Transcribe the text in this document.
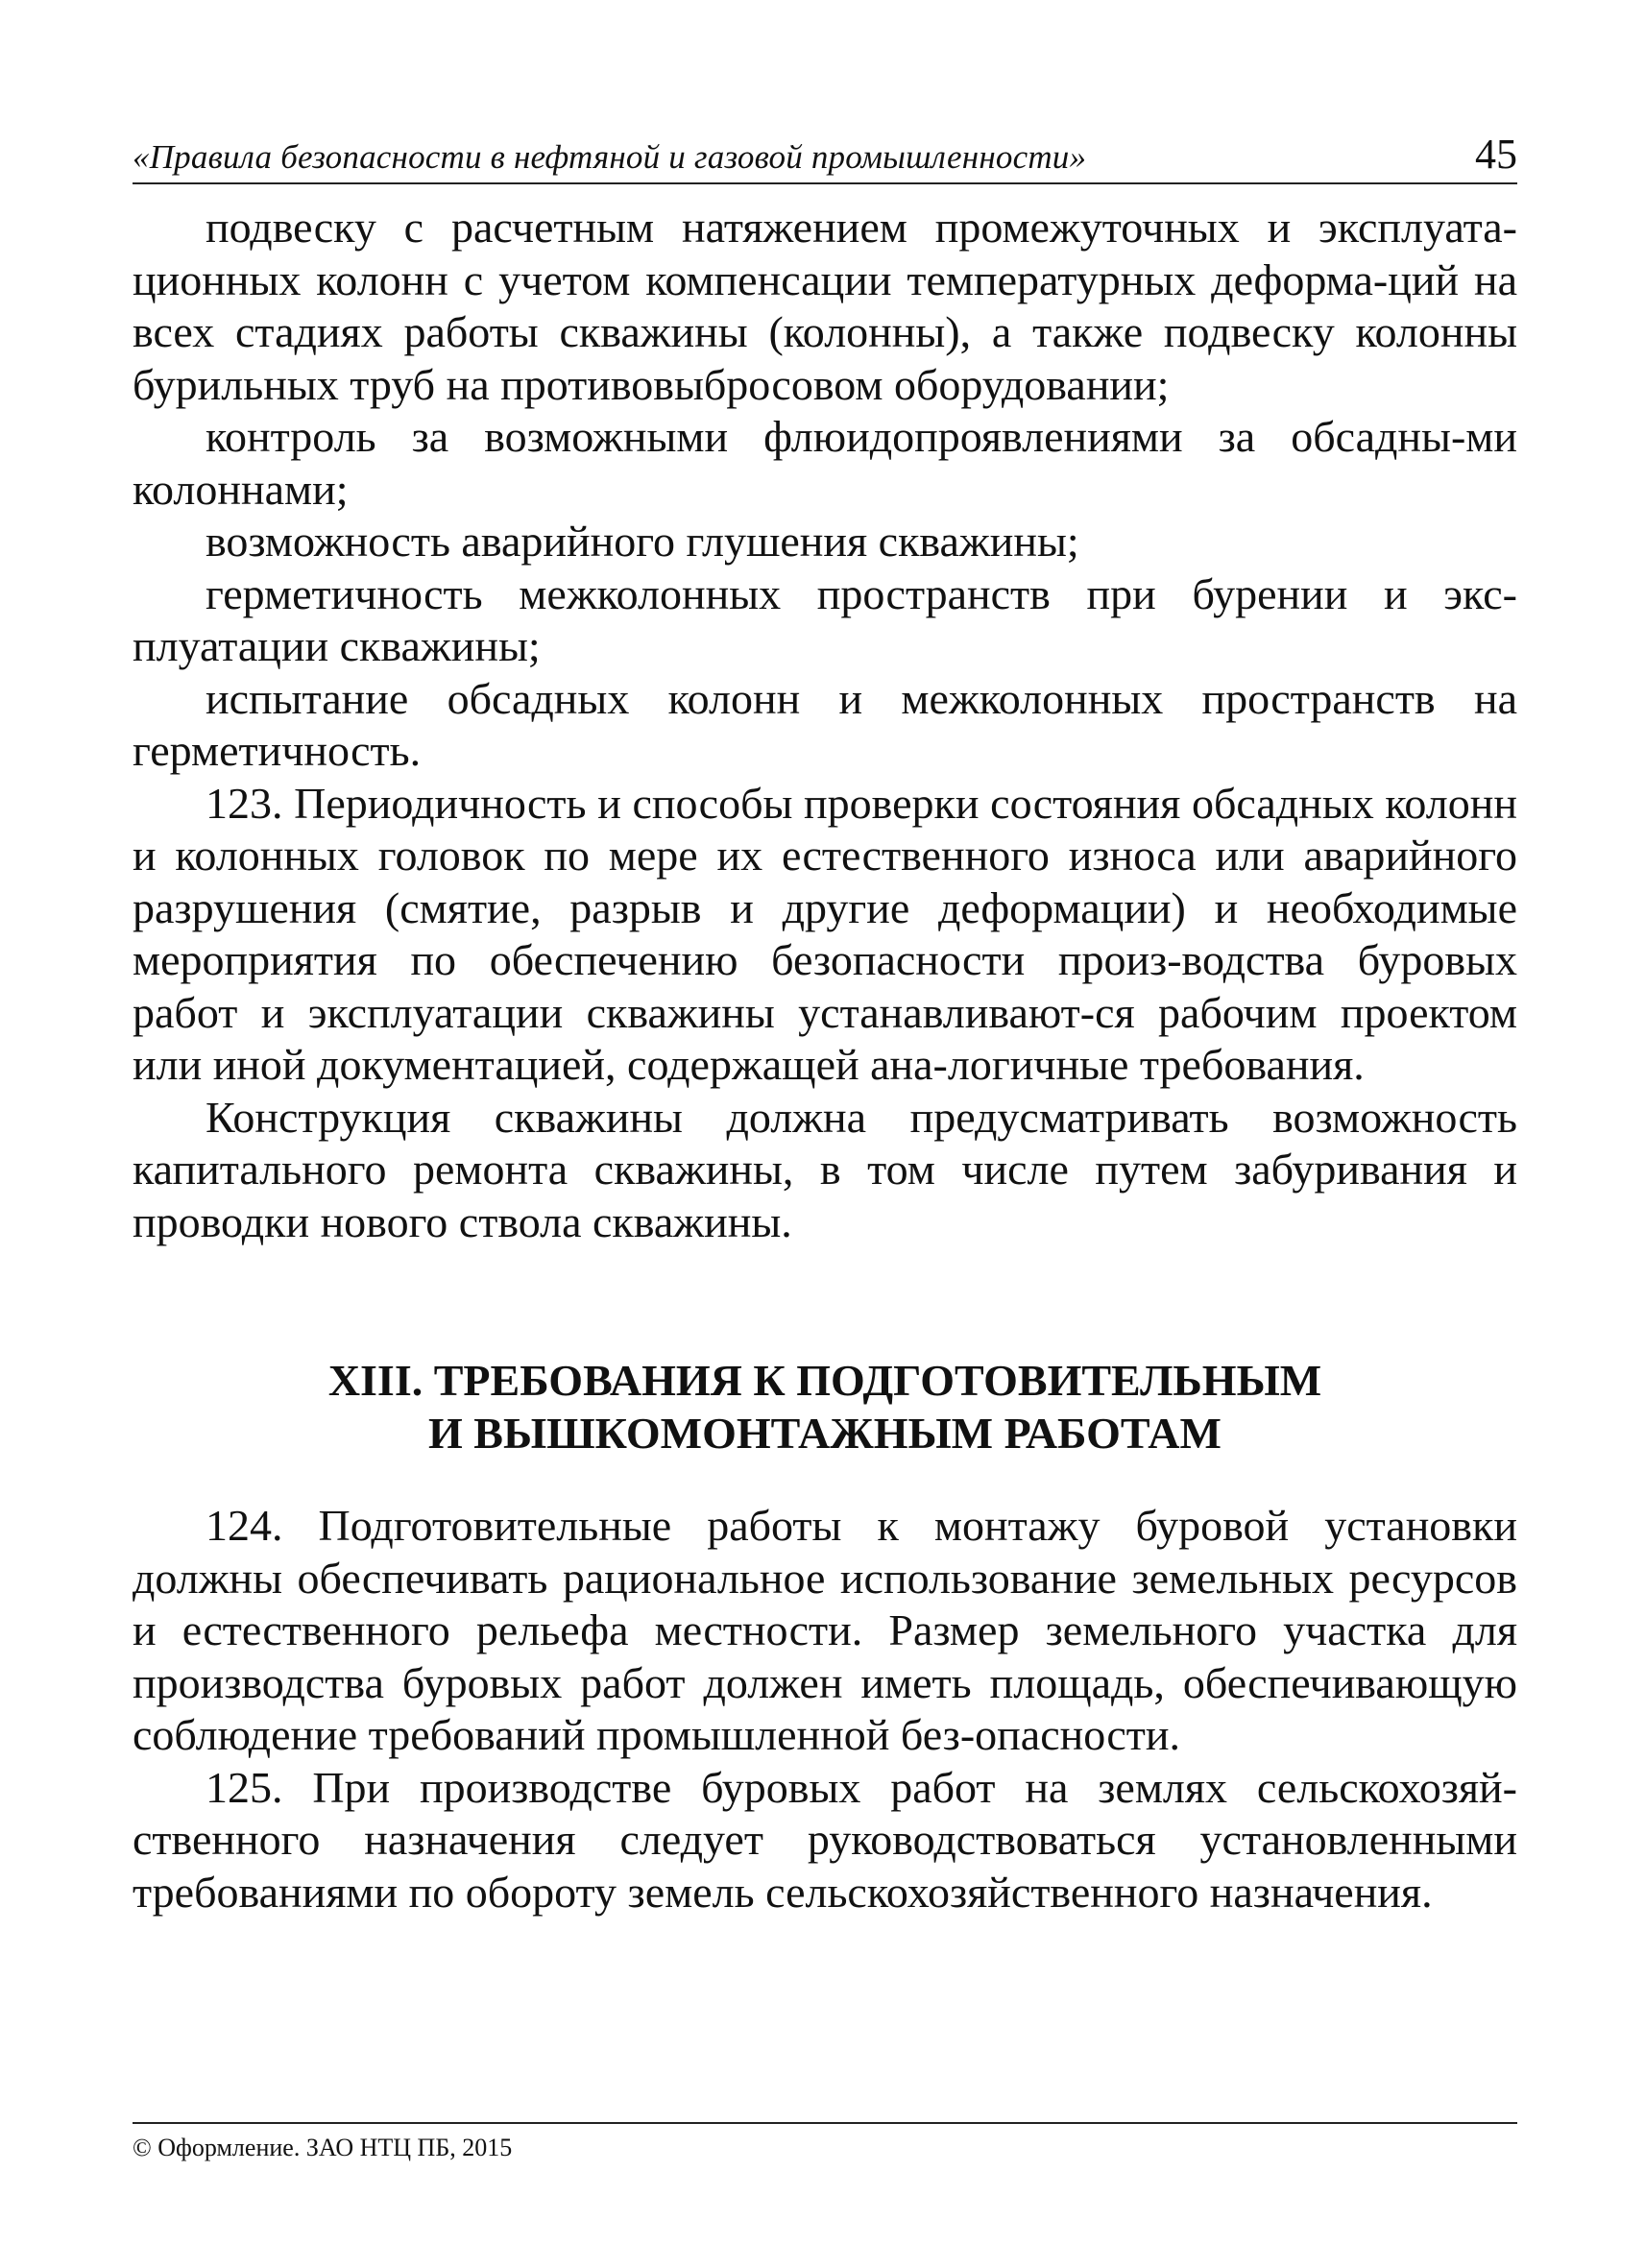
«Правила безопасности в нефтяной и газовой промышленности»	45

подвеску с расчетным натяжением промежуточных и эксплуата-ционных колонн с учетом компенсации температурных деформа-ций на всех стадиях работы скважины (колонны), а также подвеску колонны бурильных труб на противовыбросовом оборудовании;

контроль за возможными флюидопроявлениями за обсадны-ми колоннами;

возможность аварийного глушения скважины;

герметичность межколонных пространств при бурении и экс-плуатации скважины;

испытание обсадных колонн и межколонных пространств на герметичность.

123. Периодичность и способы проверки состояния обсадных колонн и колонных головок по мере их естественного износа или аварийного разрушения (смятие, разрыв и другие деформации) и необходимые мероприятия по обеспечению безопасности произ-водства буровых работ и эксплуатации скважины устанавливают-ся рабочим проектом или иной документацией, содержащей ана-логичные требования.

Конструкция скважины должна предусматривать возможность капитального ремонта скважины, в том числе путем забуривания и проводки нового ствола скважины.

XIII. ТРЕБОВАНИЯ К ПОДГОТОВИТЕЛЬНЫМ
И ВЫШКОМОНТАЖНЫМ РАБОТАМ

124. Подготовительные работы к монтажу буровой установки должны обеспечивать рациональное использование земельных ресурсов и естественного рельефа местности. Размер земельного участка для производства буровых работ должен иметь площадь, обеспечивающую соблюдение требований промышленной без-опасности.

125. При производстве буровых работ на землях сельскохозяй-ственного назначения следует руководствоваться установленными требованиями по обороту земель сельскохозяйственного назначения.

© Оформление. ЗАО НТЦ ПБ, 2015
